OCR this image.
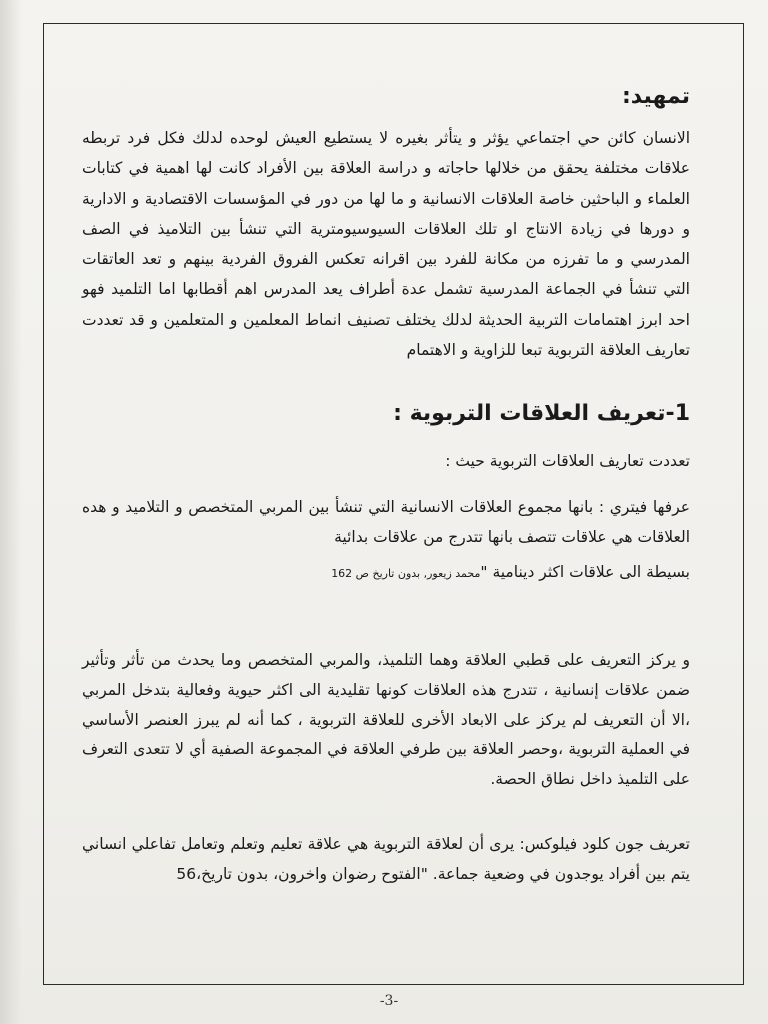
تمهيد:

الانسان كائن حي اجتماعي يؤثر و يتأثر بغيره لا يستطيع العيش لوحده لدلك فكل فرد تربطه علاقات مختلفة يحقق من خلالها حاجاته و دراسة العلاقة بين الأفراد كانت لها اهمية في كتابات العلماء و الباحثين خاصة العلاقات الانسانية و ما لها من دور في المؤسسات الاقتصادية و الادارية و دورها في زيادة الانتاج او تلك العلاقات السيوسيومترية التي تنشأ بين التلاميذ في الصف المدرسي و ما تفرزه من مكانة للفرد بين اقرانه تعكس الفروق الفردية بينهم و تعد العاتقات التي تنشأ في الجماعة المدرسية تشمل عدة أطراف يعد المدرس اهم أقطابها اما التلميد فهو احد ابرز اهتمامات التربية الحديثة لدلك يختلف تصنيف انماط المعلمين و المتعلمين و قد تعددت تعاريف العلاقة التربوية تبعا للزاوية و الاهتمام

1-تعريف العلاقات التربوية :

تعددت تعاريف العلاقات التربوية حيث :

عرفها فيتري : بانها مجموع العلاقات الانسانية التي تنشأ بين المربي المتخصص و التلاميد و هده العلاقات هي علاقات تتصف بانها تتدرج من علاقات بدائية

بسيطة الى علاقات اكثر دينامية "محمد زيعور, بدون تاريخ ص 162

و يركز التعريف على قطبي العلاقة وهما التلميذ، والمربي المتخصص وما يحدث من تأثر وتأثير ضمن علاقات إنسانية ، تتدرج هذه العلاقات كونها تقليدية الى اكثر حيوية وفعالية بتدخل المربي ،الا أن التعريف لم يركز على الابعاد الأخرى للعلاقة التربوية ، كما أنه لم يبرز العنصر الأساسي في العملية التربوية ،وحصر العلاقة بين طرفي العلاقة في المجموعة الصفية أي لا تتعدى التعرف على التلميذ داخل نطاق الحصة.

تعريف جون كلود فيلوكس: يرى أن لعلاقة التربوية هي علاقة تعليم وتعلم وتعامل تفاعلي انساني يتم بين أفراد يوجدون في وضعية جماعة. "الفتوح رضوان واخرون، بدون تاريخ،56

-3-
